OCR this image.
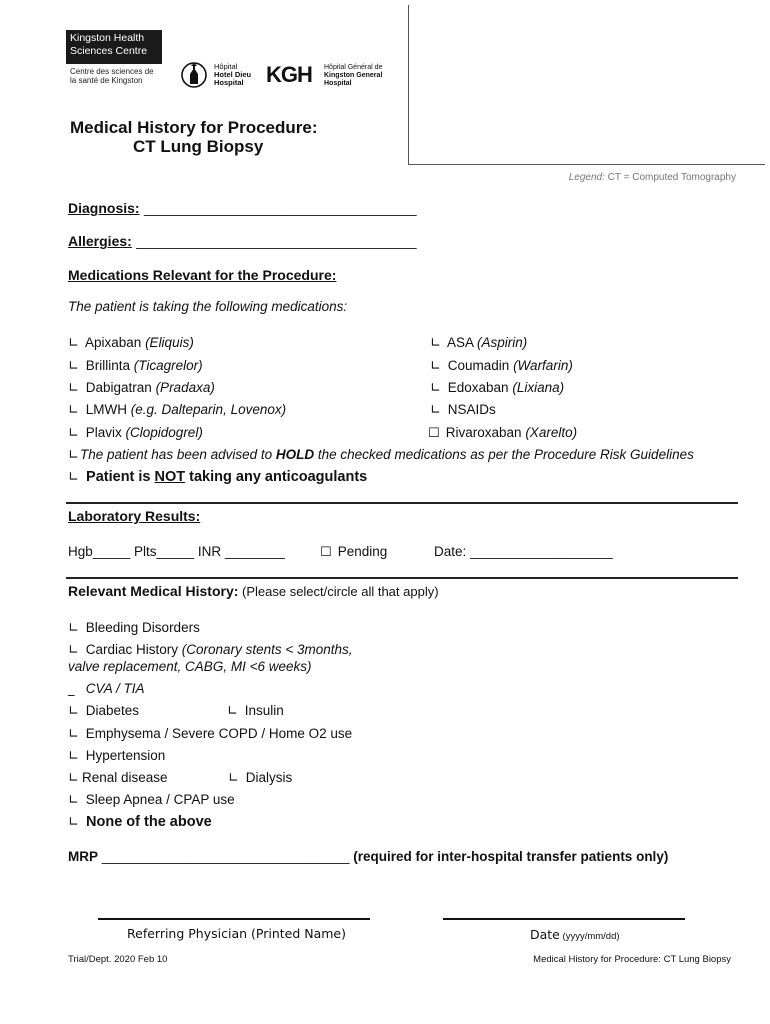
Kingston Health
Sciences Centre
Centre des sciences de
la santé de Kingston
Hôpital
Hotel Dieu
Hospital	KGH Hôpital Général de
Kingston General
Hospital
Medical History for Procedure:
CT Lung Biopsy
Legend: CT = Computed Tomography
Diagnosis: ___________________________________
Allergies: ____________________________________
Medications Relevant for the Procedure:
The patient is taking the following medications:
∟ Apixaban (Eliquis)
∟ Brillinta (Ticagrelor)
∟ Dabigatran (Pradaxa)
∟ LMWH (e.g. Dalteparin, Lovenox)
∟ Plavix (Clopidogrel)
∟ ASA (Aspirin)
∟ Coumadin (Warfarin)
∟ Edoxaban (Lixiana)
∟ NSAIDs
☐ Rivaroxaban (Xarelto)
∟The patient has been advised to HOLD the checked medications as per the Procedure Risk Guidelines
∟ Patient is NOT taking any anticoagulants
Laboratory Results:
Hgb_____ Plts_____ INR ________	☐ Pending	Date: ___________________
Relevant Medical History: (Please select/circle all that apply)
∟ Bleeding Disorders
∟ Cardiac History (Coronary stents < 3months,
valve replacement, CABG, MI <6 weeks)
_ CVA / TIA
∟ Diabetes	∟ Insulin
∟ Emphysema / Severe COPD / Home O2 use
∟ Hypertension
∟ Renal disease	∟ Dialysis
∟ Sleep Apnea / CPAP use
∟ None of the above
MRP _________________________________ (required for inter-hospital transfer patients only)
Referring Physician (Printed Name)	Date (yyyy/mm/dd)
Trial/Dept. 2020 Feb 10	Medical History for Procedure: CT Lung Biopsy
